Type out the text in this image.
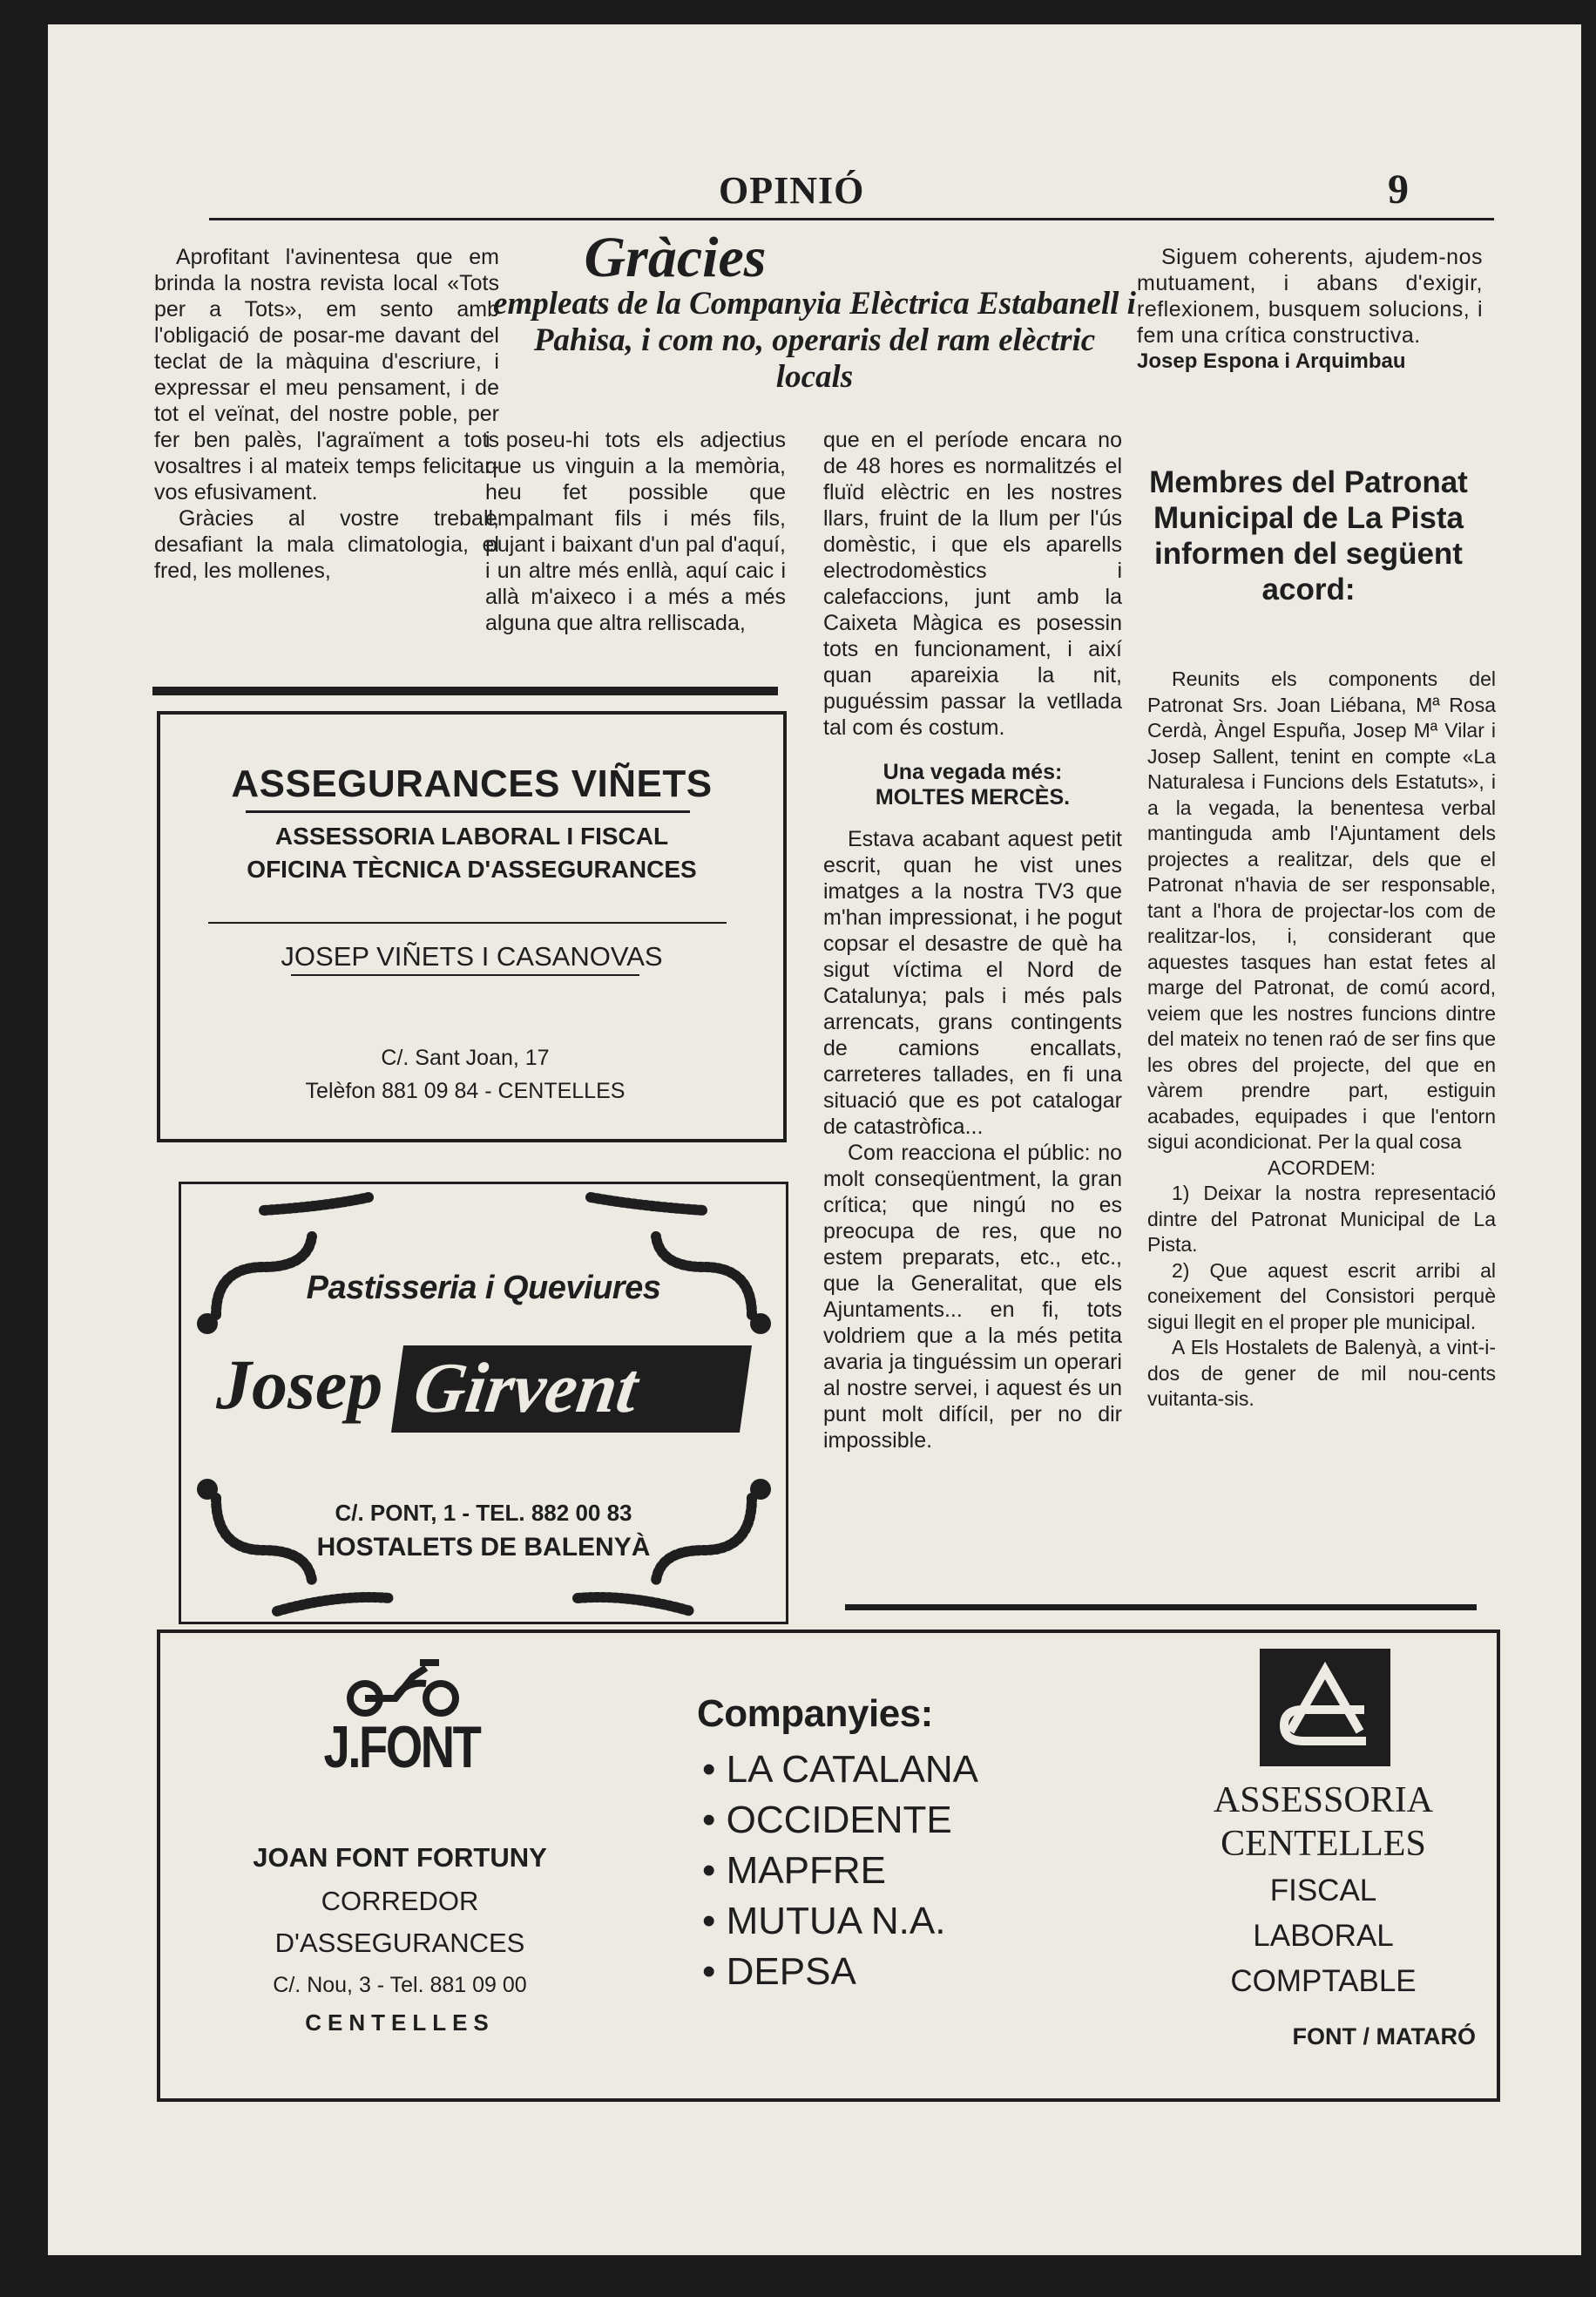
OPINIÓ	9
Gràcies
empleats de la Companyia Elèctrica Estabanell i Pahisa, i com no, operaris del ram elèctric locals

Aprofitant l'avinentesa que em brinda la nostra revista local «Tots per a Tots», em sento amb l'obligació de posar-me davant del teclat de la màquina d'escriure, i expressar el meu pensament, i de tot el veïnat, del nostre poble, per fer ben palès, l'agraïment a tots vosaltres i al mateix temps felicitar-vos efusivament.

Gràcies al vostre treball, desafiant la mala climatologia, el fred, les mollenes,

i poseu-hi tots els adjectius que us vinguin a la memòria, heu fet possible que empalmant fils i més fils, pujant i baixant d'un pal d'aquí, i un altre més enllà, aquí caic i allà m'aixeco i a més a més alguna que altra relliscada,

que en el període encara no de 48 hores es normalitzés el fluïd elèctric en les nostres llars, fruint de la llum per l'ús domèstic, i que els aparells electrodomèstics i calefaccions, junt amb la Caixeta Màgica es posessin tots en funcionament, i així quan apareixia la nit, puguéssim passar la vetllada tal com és costum.

Una vegada més:
MOLTES MERCÈS.

Estava acabant aquest petit escrit, quan he vist unes imatges a la nostra TV3 que m'han impressionat, i he pogut copsar el desastre de què ha sigut víctima el Nord de Catalunya; pals i més pals arrencats, grans contingents de camions encallats, carreteres tallades, en fi una situació que es pot catalogar de catastròfica...

Com reacciona el públic: no molt conseqüentment, la gran crítica; que ningú no es preocupa de res, que no estem preparats, etc., etc., que la Generalitat, que els Ajuntaments... en fi, tots voldriem que a la més petita avaria ja tinguéssim un operari al nostre servei, i aquest és un punt molt difícil, per no dir impossible.

Siguem coherents, ajudem-nos mutuament, i abans d'exigir, reflexionem, busquem solucions, i fem una crítica constructiva.

Josep Espona i Arquimbau
Membres del Patronat Municipal de La Pista informen del següent acord:

Reunits els components del Patronat Srs. Joan Liébana, Mª Rosa Cerdà, Àngel Espuña, Josep Mª Vilar i Josep Sallent, tenint en compte «La Naturalesa i Funcions dels Estatuts», i a la vegada, la benentesa verbal mantinguda amb l'Ajuntament dels projectes a realitzar, dels que el Patronat n'havia de ser responsable, tant a l'hora de projectar-los com de realitzar-los, i, considerant que aquestes tasques han estat fetes al marge del Patronat, de comú acord, veiem que les nostres funcions dintre del mateix no tenen raó de ser fins que les obres del projecte, del que en vàrem prendre part, estiguin acabades, equipades i que l'entorn sigui acondicionat. Per la qual cosa

ACORDEM:

1) Deixar la nostra representació dintre del Patronat Municipal de La Pista.

2) Que aquest escrit arribi al coneixement del Consistori perquè sigui llegit en el proper ple municipal.

A Els Hostalets de Balenyà, a vint-i-dos de gener de mil nou-cents vuitanta-sis.

ASSEGURANCES VIÑETS
ASSESSORIA LABORAL I FISCAL
OFICINA TÈCNICA D'ASSEGURANCES
JOSEP VIÑETS I CASANOVAS
C/. Sant Joan, 17
Telèfon 881 09 84 - CENTELLES
Pastisseria i Queviures
Josep Girvent
C/. PONT, 1 - TEL. 882 00 83
HOSTALETS DE BALENYÀ
J.FONT
JOAN FONT FORTUNY
CORREDOR
D'ASSEGURANCES
C/. Nou, 3 - Tel. 881 09 00
CENTELLES
Companyies:
• LA CATALANA
• OCCIDENTE
• MAPFRE
• MUTUA N.A.
• DEPSA
ASSESSORIA
CENTELLES
FISCAL
LABORAL
COMPTABLE
FONT / MATARÓ
